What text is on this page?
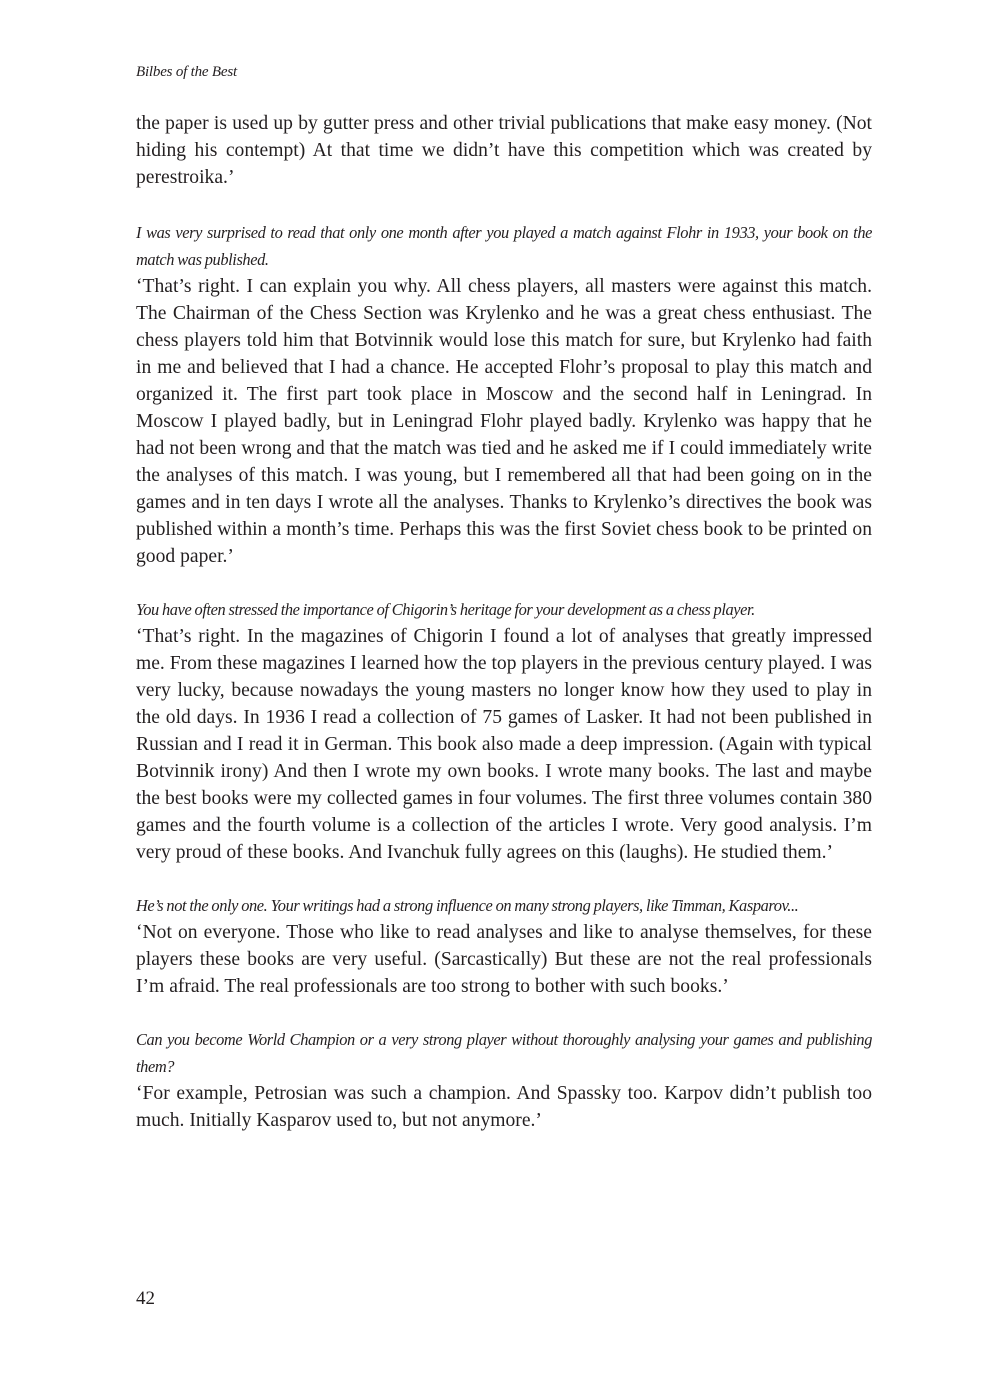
Bilbes of the Best

the paper is used up by gutter press and other trivial publications that make easy money. (Not hiding his contempt) At that time we didn’t have this competition which was created by perestroika.’

I was very surprised to read that only one month after you played a match against Flohr in 1933, your book on the match was published.

‘That’s right. I can explain you why. All chess players, all masters were against this match. The Chairman of the Chess Section was Krylenko and he was a great chess enthusiast. The chess players told him that Botvinnik would lose this match for sure, but Krylenko had faith in me and believed that I had a chance. He accepted Flohr’s proposal to play this match and organized it. The first part took place in Moscow and the second half in Leningrad. In Moscow I played badly, but in Leningrad Flohr played badly. Krylenko was happy that he had not been wrong and that the match was tied and he asked me if I could immediately write the analyses of this match. I was young, but I remembered all that had been going on in the games and in ten days I wrote all the analyses. Thanks to Krylenko’s directives the book was published within a month’s time. Perhaps this was the first Soviet chess book to be printed on good paper.’

You have often stressed the importance of Chigorin’s heritage for your development as a chess player.

‘That’s right. In the magazines of Chigorin I found a lot of analyses that greatly impressed me. From these magazines I learned how the top players in the previous century played. I was very lucky, because nowadays the young masters no longer know how they used to play in the old days. In 1936 I read a collection of 75 games of Lasker. It had not been published in Russian and I read it in German. This book also made a deep impression. (Again with typical Botvinnik irony) And then I wrote my own books. I wrote many books. The last and maybe the best books were my collected games in four volumes. The first three volumes contain 380 games and the fourth volume is a collection of the articles I wrote. Very good analysis. I’m very proud of these books. And Ivanchuk fully agrees on this (laughs). He studied them.’

He’s not the only one. Your writings had a strong influence on many strong players, like Timman, Kasparov...

‘Not on everyone. Those who like to read analyses and like to analyse themselves, for these players these books are very useful. (Sarcastically) But these are not the real professionals I’m afraid. The real professionals are too strong to bother with such books.’

Can you become World Champion or a very strong player without thoroughly analysing your games and publishing them?

‘For example, Petrosian was such a champion. And Spassky too. Karpov didn’t publish too much. Initially Kasparov used to, but not anymore.’

42
